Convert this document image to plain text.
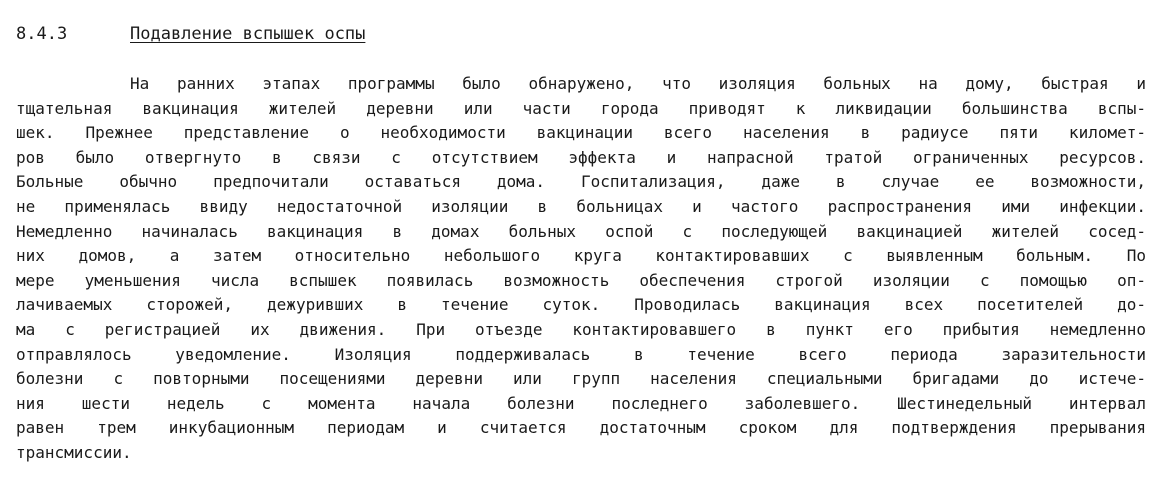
8.4.3	Подавление вспышек оспы
На ранних этапах программы было обнаружено, что изоляция больных на дому, быстрая и
тщательная вакцинация жителей деревни или части города приводят к ликвидации большинства вспы-
шек. Прежнее представление о необходимости вакцинации всего населения в радиусе пяти километ-
ров было отвергнуто в связи с отсутствием эффекта и напрасной тратой ограниченных ресурсов.
Больные обычно предпочитали оставаться дома. Госпитализация, даже в случае ее возможности,
не применялась ввиду недостаточной изоляции в больницах и частого распространения ими инфекции.
Немедленно начиналась вакцинация в домах больных оспой с последующей вакцинацией жителей сосед-
них домов, а затем относительно небольшого круга контактировавших с выявленным больным. По
мере уменьшения числа вспышек появилась возможность обеспечения строгой изоляции с помощью оп-
лачиваемых сторожей, дежуривших в течение суток. Проводилась вакцинация всех посетителей до-
ма с регистрацией их движения. При отъезде контактировавшего в пункт его прибытия немедленно
отправлялось уведомление. Изоляция поддерживалась в течение всего периода заразительности
болезни с повторными посещениями деревни или групп населения специальными бригадами до истече-
ния шести недель с момента начала болезни последнего заболевшего. Шестинедельный интервал
равен трем инкубационным периодам и считается достаточным сроком для подтверждения прерывания
трансмиссии.
